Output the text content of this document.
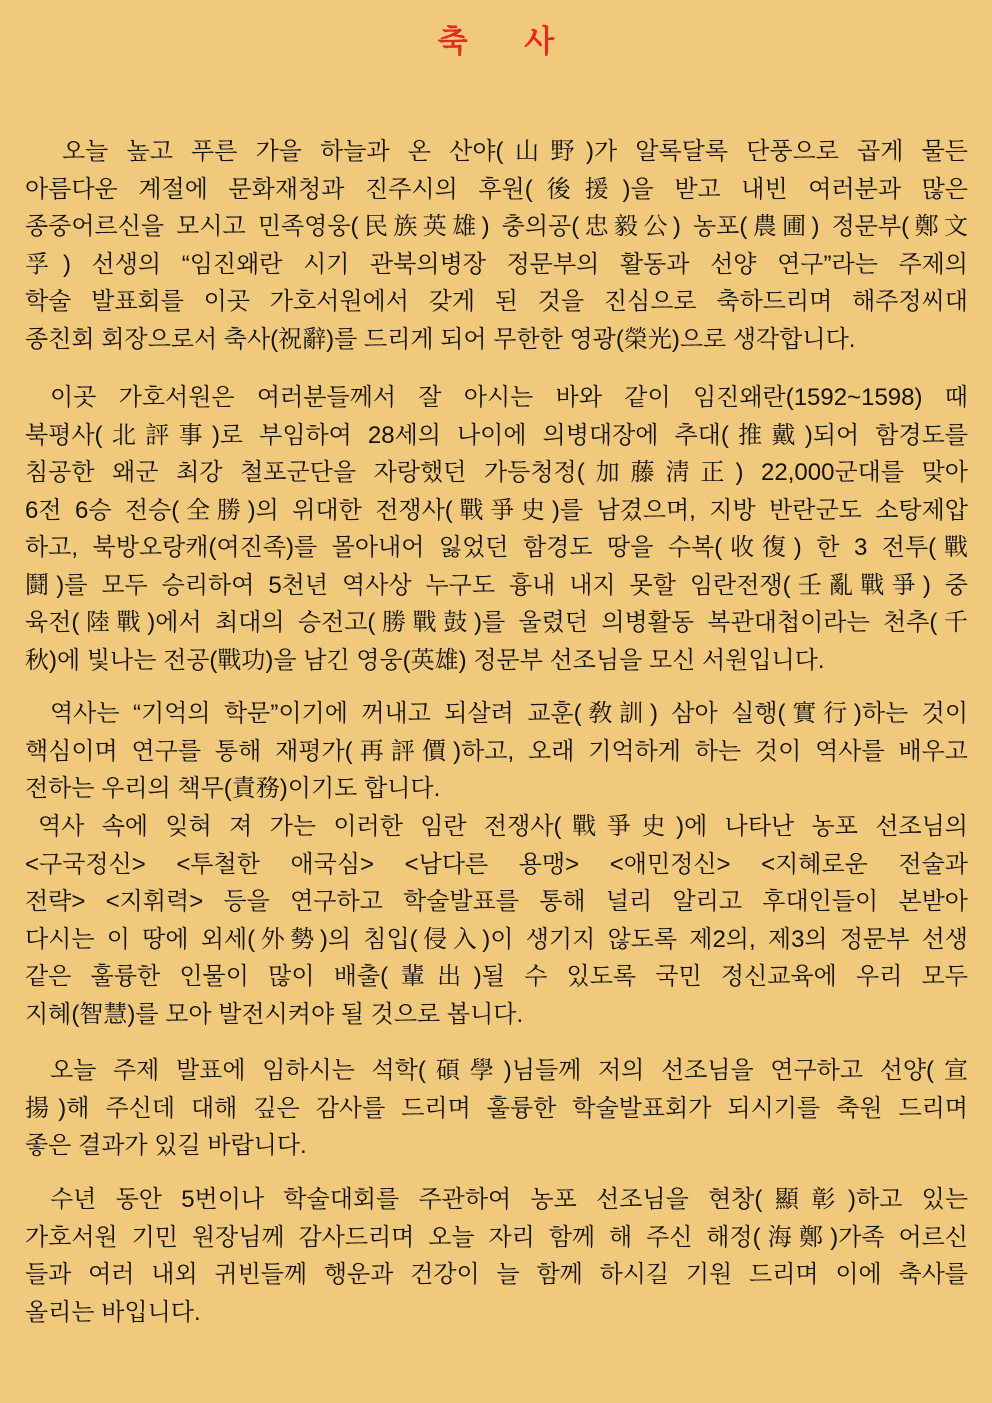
축 사
오늘 높고 푸른 가을 하늘과 온 산야(山野)가 알록달록 단풍으로 곱게 물든
아름다운 계절에 문화재청과 진주시의 후원(後援)을 받고 내빈 여러분과 많은
종중어르신을 모시고 민족영웅(民族英雄) 충의공(忠毅公) 농포(農圃) 정문부(鄭文
孚) 선생의 “임진왜란 시기 관북의병장 정문부의 활동과 선양 연구”라는 주제의
학술 발표회를 이곳 가호서원에서 갖게 된 것을 진심으로 축하드리며 해주정씨대
종친회 회장으로서 축사(祝辭)를 드리게 되어 무한한 영광(榮光)으로 생각합니다.
이곳 가호서원은 여러분들께서 잘 아시는 바와 같이 임진왜란(1592~1598) 때
북평사(北評事)로 부임하여 28세의 나이에 의병대장에 추대(推戴)되어 함경도를
침공한 왜군 최강 철포군단을 자랑했던 가등청정(加藤淸正) 22,000군대를 맞아
6전 6승 전승(全勝)의 위대한 전쟁사(戰爭史)를 남겼으며, 지방 반란군도 소탕제압
하고, 북방오랑캐(여진족)를 몰아내어 잃었던 함경도 땅을 수복(收復) 한 3 전투(戰
鬪)를 모두 승리하여 5천년 역사상 누구도 흉내 내지 못할 임란전쟁(壬亂戰爭) 중
육전(陸戰)에서 최대의 승전고(勝戰鼓)를 울렸던 의병활동 복관대첩이라는 천추(千
秋)에 빛나는 전공(戰功)을 남긴 영웅(英雄) 정문부 선조님을 모신 서원입니다.
역사는 “기억의 학문”이기에 꺼내고 되살려 교훈(敎訓) 삼아 실행(實行)하는 것이
핵심이며 연구를 통해 재평가(再評價)하고, 오래 기억하게 하는 것이 역사를 배우고
전하는 우리의 책무(責務)이기도 합니다.
역사 속에 잊혀 져 가는 이러한 임란 전쟁사(戰爭史)에 나타난 농포 선조님의
<구국정신> <투철한 애국심> <남다른 용맹> <애민정신> <지혜로운 전술과
전략> <지휘력> 등을 연구하고 학술발표를 통해 널리 알리고 후대인들이 본받아
다시는 이 땅에 외세(外勢)의 침입(侵入)이 생기지 않도록 제2의, 제3의 정문부 선생
같은 훌륭한 인물이 많이 배출(輩出)될 수 있도록 국민 정신교육에 우리 모두
지혜(智慧)를 모아 발전시켜야 될 것으로 봅니다.
오늘 주제 발표에 임하시는 석학(碩學)님들께 저의 선조님을 연구하고 선양(宣
揚)해 주신데 대해 깊은 감사를 드리며 훌륭한 학술발표회가 되시기를 축원 드리며
좋은 결과가 있길 바랍니다.
수년 동안 5번이나 학술대회를 주관하여 농포 선조님을 현창(顯彰)하고 있는
가호서원 기민 원장님께 감사드리며 오늘 자리 함께 해 주신 해정(海鄭)가족 어르신
들과 여러 내외 귀빈들께 행운과 건강이 늘 함께 하시길 기원 드리며 이에 축사를
올리는 바입니다.
